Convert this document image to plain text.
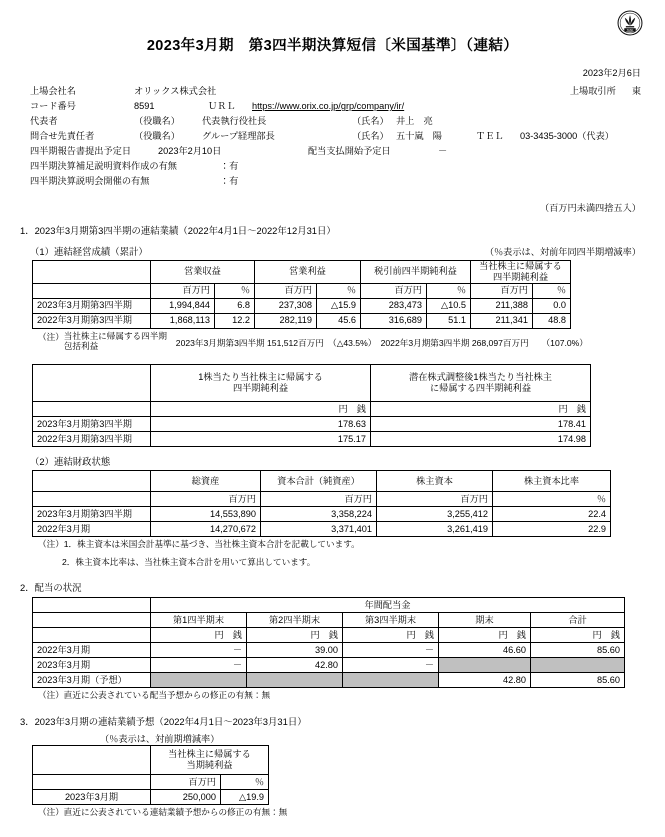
TASF
2023年3月期　第3四半期決算短信〔米国基準〕（連結）
2023年2月6日
上場会社名	オリックス株式会社	上場取引所 東
コード番号	8591	ＵＲＬ	https://www.orix.co.jp/grp/company/ir/
代表者	（役職名）	代表執行役社長	（氏名） 井上　亮
問合せ先責任者	（役職名）	グループ経理部長	（氏名） 五十嵐　陽	ＴＥＬ	03-3435-3000（代表）
四半期報告書提出予定日	2023年2月10日	配当支払開始予定日	－
四半期決算補足説明資料作成の有無	：有
四半期決算説明会開催の有無	：有
（百万円未満四捨五入）
1．2023年3月期第3四半期の連結業績（2022年4月1日～2022年12月31日）
（1）連結経営成績（累計）	（％表示は、対前年同四半期増減率）
	営業収益		営業利益		税引前四半期純利益		当社株主に帰属する
四半期純利益	
	百万円	％	百万円	％	百万円	％	百万円	％
2023年3月期第3四半期	1,994,844	6.8	237,308	△15.9	283,473	△10.5	211,388	0.0
2022年3月期第3四半期	1,868,113	12.2	282,119	45.6	316,689	51.1	211,341	48.8
（注） 当社株主に帰属する四半期
包括利益	2023年3月期第3四半期 151,512百万円　（△43.5%）　2022年3月期第3四半期 268,097百万円　　（107.0%）
	1株当たり当社株主に帰属する
四半期純利益	潜在株式調整後1株当たり当社株主
に帰属する四半期純利益
	円　銭	円　銭
2023年3月期第3四半期	178.63	178.41
2022年3月期第3四半期	175.17	174.98
（2）連結財政状態
	総資産	資本合計（純資産）	株主資本	株主資本比率
	百万円	百万円	百万円	％
2023年3月期第3四半期	14,553,890	3,358,224	3,255,412	22.4
2022年3月期	14,270,672	3,371,401	3,261,419	22.9
（注）1．株主資本は米国会計基準に基づき、当社株主資本合計を記載しています。
2．株主資本比率は、当社株主資本合計を用いて算出しています。
2．配当の状況
	年間配当金				
	第1四半期末	第2四半期末	第3四半期末	期末	合計
	円　銭	円　銭	円　銭	円　銭	円　銭
2022年3月期	－	39.00	－	46.60	85.60
2023年3月期	－	42.80	－		
2023年3月期（予想）				42.80	85.60
（注）直近に公表されている配当予想からの修正の有無：無
3．2023年3月期の連結業績予想（2022年4月1日～2023年3月31日）
（％表示は、対前期増減率）
	当社株主に帰属する
当期純利益	
	百万円	％
2023年3月期	250,000	△19.9
（注）直近に公表されている連結業績予想からの修正の有無：無
